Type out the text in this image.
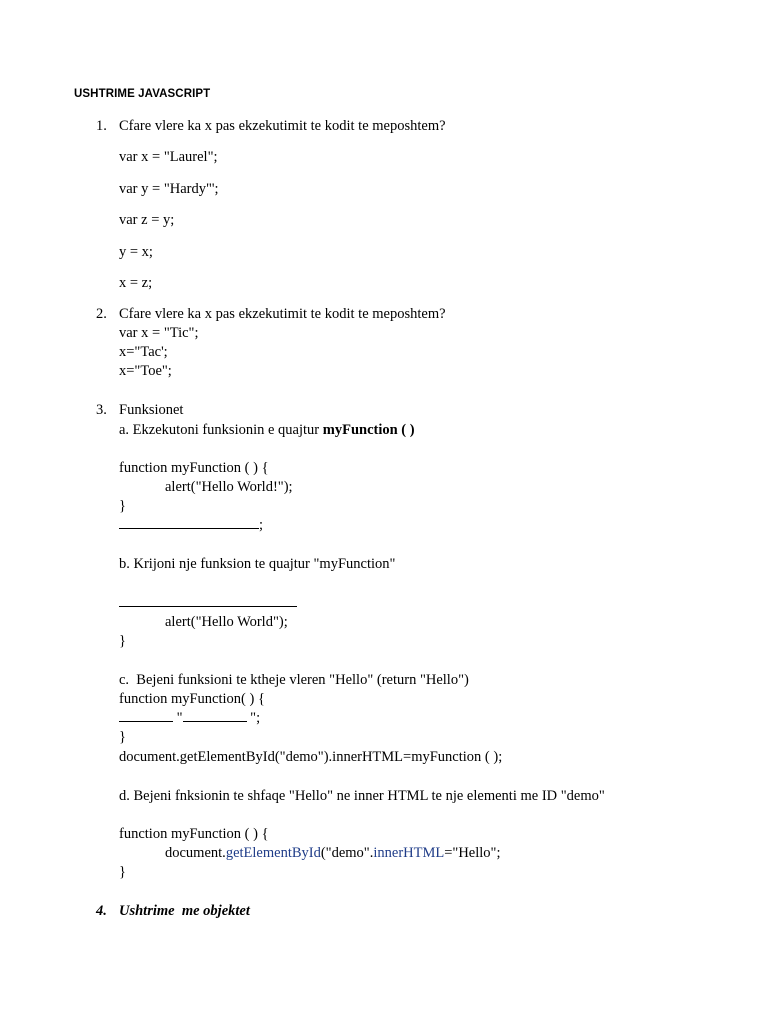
USHTRIME JAVASCRIPT
1. Cfare vlere ka x pas ekzekutimit te kodit te meposhtem?
var x = "Laurel";
var y = "Hardy"';
var z = y;
y = x;
x = z;
2. Cfare vlere ka x pas ekzekutimit te kodit te meposhtem?
var x = "Tic";
x="Tac';
x="Toe";
3. Funksionet
a. Ekzekutoni funksionin e quajtur myFunction ( )
function myFunction ( ) {
alert("Hello World!");
}
;
b. Krijoni nje funksion te quajtur "myFunction"
alert("Hello World");
}
c.  Bejeni funksioni te ktheje vleren "Hello" (return "Hello")
function myFunction( ) {
"	";
}
document.getElementById("demo").innerHTML=myFunction ( );
d. Bejeni fnksionin te shfaqe "Hello" ne inner HTML te nje elementi me ID "demo"
function myFunction ( ) {
document.getElementById("demo".innerHTML="Hello";
}
4. Ushtrime  me objektet
